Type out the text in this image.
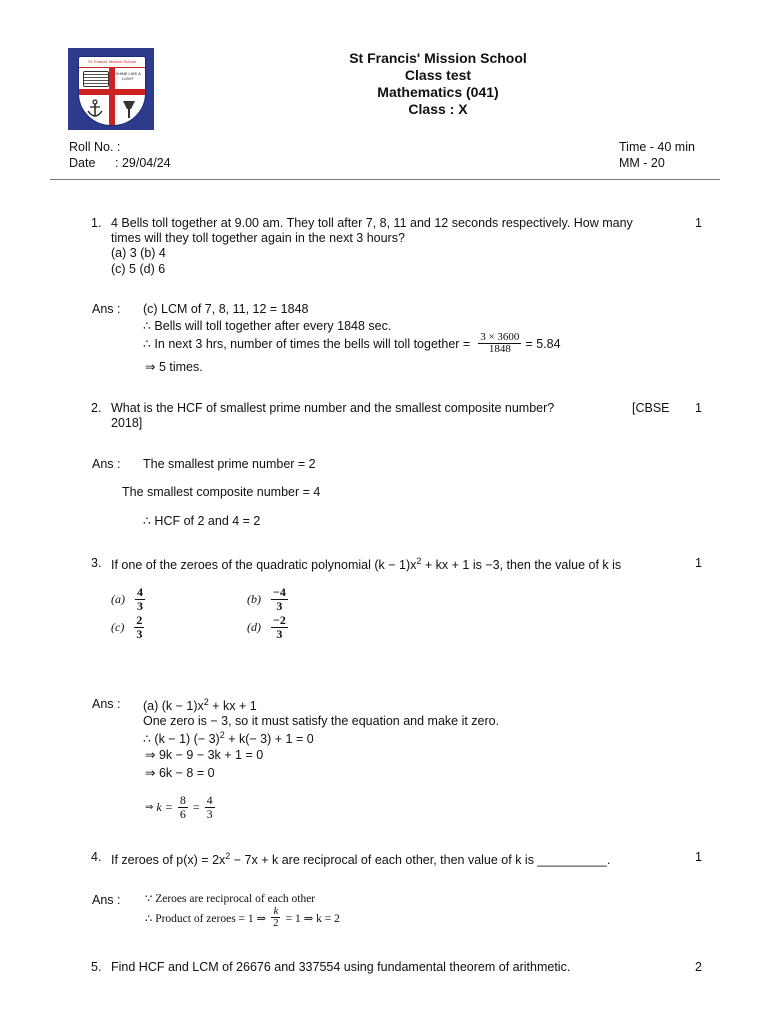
St. Francis' Mission School
SHINE LIKE A LIGHT
St Francis' Mission School
Class test
Mathematics (041)
Class : X
Roll No. :
Date : 29/04/24
Time - 40 min
MM - 20
1. 4 Bells toll together at 9.00 am. They toll after 7, 8, 11 and 12 seconds respectively. How many
times will they toll together again in the next 3 hours?
(a) 3 (b) 4
(c) 5 (d) 6
1
Ans : (c) LCM of 7, 8, 11, 12 = 1848
∴ Bells will toll together after every 1848 sec.
∴ In next 3 hrs, number of times the bells will toll together = $\frac{3 \times 3600}{1848} = 5.84$
⇒ 5 times.
2. What is the HCF of smallest prime number and the smallest composite number?	[CBSE
2018]
1
Ans : The smallest prime number = 2
The smallest composite number = 4
∴ HCF of 2 and 4 = 2
3. If one of the zeroes of the quadratic polynomial $(k - 1)x^2$ + kx + 1 is −3, then the value of k is	1
$(a) \frac{4}{3}$	$(b) \frac{-4}{3}$
$(c) \frac{2}{3}$	$(d) \frac{-2}{3}$
Ans : (a) $(k - 1)x^2$ + kx + 1
One zero is − 3, so it must satisfy the equation and make it zero.
∴ (k − 1) (− 3)$^2$ + k(− 3) + 1 = 0
⇒ 9k − 9 − 3k + 1 = 0
⇒ 6k − 8 = 0
⇒ $k = \frac{8}{6} = \frac{4}{3}$
4. If zeroes of $p(x) = 2x^2 - 7x + k$ are reciprocal of each other, then value of k is __________.	1
Ans : ∵ Zeroes are reciprocal of each other
∴ Product of zeroes = 1 ⇒ $\frac{k}{2} = 1$ ⇒ k = 2
5. Find HCF and LCM of 26676 and 337554 using fundamental theorem of arithmetic.	2
